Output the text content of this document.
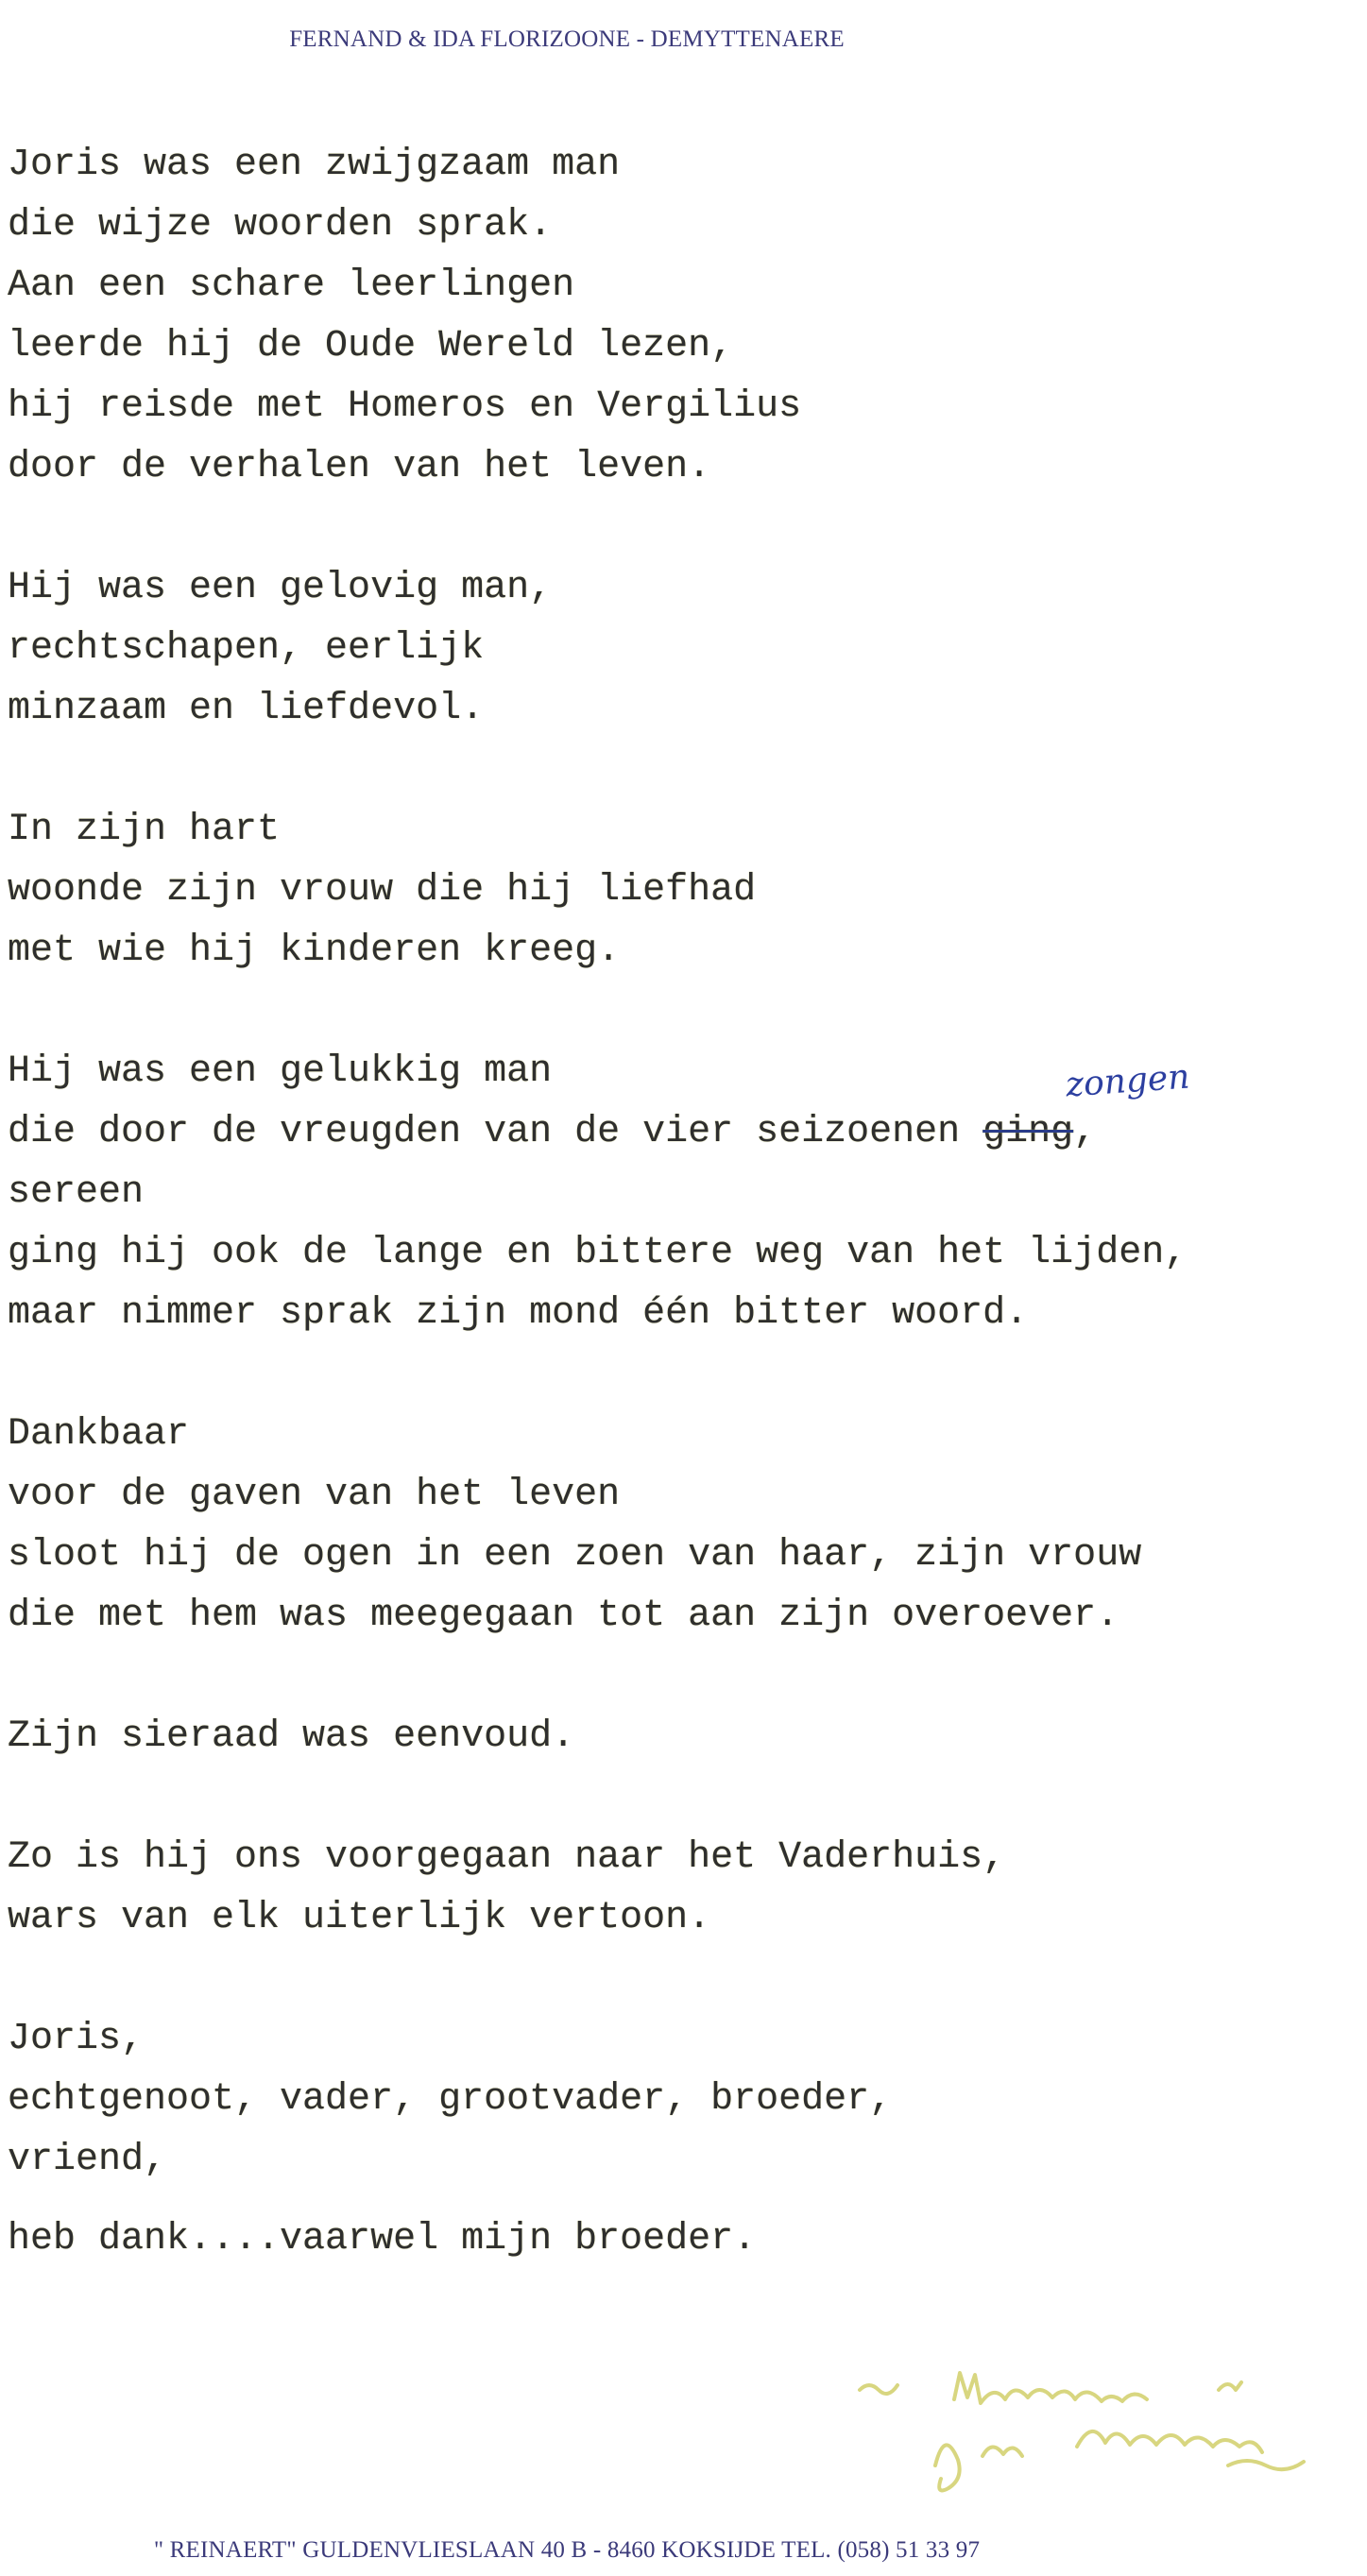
FERNAND & IDA FLORIZOONE - DEMYTTENAERE
Joris was een zwijgzaam man
die wijze woorden sprak.
Aan een schare leerlingen
leerde hij de Oude Wereld lezen,
hij reisde met Homeros en Vergilius
door de verhalen van het leven.
Hij was een gelovig man,
rechtschapen, eerlijk
minzaam en liefdevol.
In zijn hart
woonde zijn vrouw die hij liefhad
met wie hij kinderen kreeg.
Hij was een gelukkig man
die door de vreugden van de vier seizoenen ging,
sereen
ging hij ook de lange en bittere weg van het lijden,
maar nimmer sprak zijn mond één bitter woord.
Dankbaar
voor de gaven van het leven
sloot hij de ogen in een zoen van haar, zijn vrouw
die met hem was meegegaan tot aan zijn overoever.
Zijn sieraad was eenvoud.
Zo is hij ons voorgegaan naar het Vaderhuis,
wars van elk uiterlijk vertoon.
Joris,
echtgenoot, vader, grootvader, broeder,
vriend,
heb dank....vaarwel mijn broeder.
zongen
" REINAERT" GULDENVLIESLAAN 40 B - 8460 KOKSIJDE TEL. (058) 51 33 97
